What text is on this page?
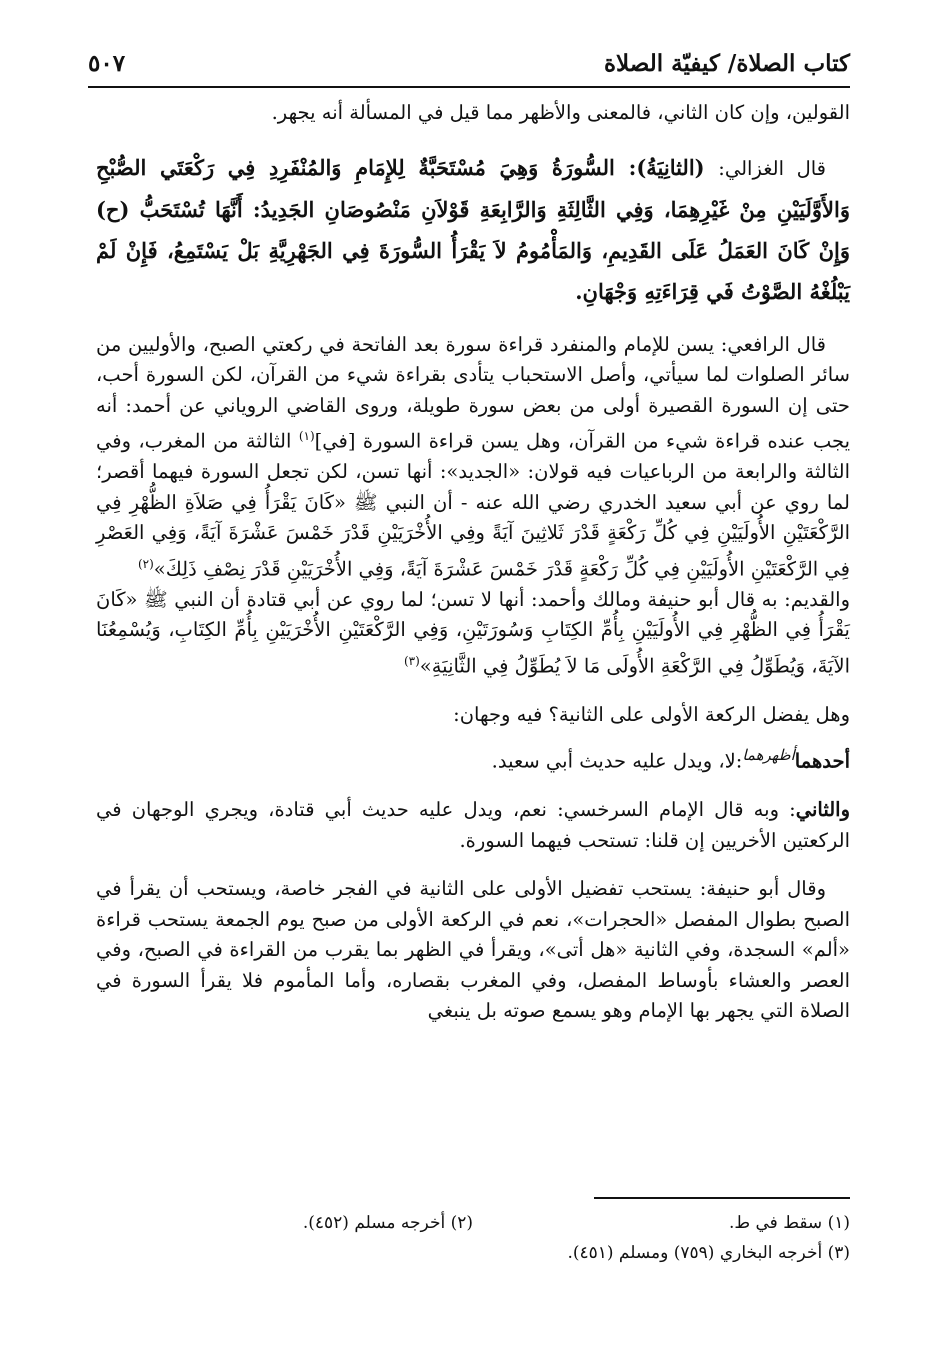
كتاب الصلاة/ كيفيّة الصلاة
٥٠٧

القولين، وإن كان الثاني، فالمعنى والأظهر مما قيل في المسألة أنه يجهر.

قال الغزالي: (الثانِيَةُ): السُّورَةُ وَهِيَ مُسْتَحَبَّةٌ لِلإِمَامِ وَالمُنْفَرِدِ فِي رَكْعَتَي الصُّبْحِ وَالأَوَّلَيَيْنِ مِنْ غَيْرِهِمَا، وَفِي الثَّالِثَةِ وَالرَّابِعَةِ قَوْلاَنِ مَنْصُوصَانِ الجَدِيدُ: أَنَّهَا تُسْتَحَبُّ (ح) وَإِنْ كَانَ العَمَلُ عَلَى القَدِيمِ، وَالمَأْمُومُ لاَ يَقْرَأُ السُّورَةَ فِي الجَهْرِيَّةِ بَلْ يَسْتَمِعُ، فَإِنْ لَمْ يَبْلُغْهُ الصَّوْتُ فَي قِرَاءَتِهِ وَجْهَانِ.

قال الرافعي: يسن للإمام والمنفرد قراءة سورة بعد الفاتحة في ركعتي الصبح، والأوليين من سائر الصلوات لما سيأتي، وأصل الاستحباب يتأدى بقراءة شيء من القرآن، لكن السورة أحب، حتى إن السورة القصيرة أولى من بعض سورة طويلة، وروى القاضي الروياني عن أحمد: أنه يجب عنده قراءة شيء من القرآن، وهل يسن قراءة السورة [في]$^{(١)}$ الثالثة من المغرب، وفي الثالثة والرابعة من الرباعيات فيه قولان: «الجديد»: أنها تسن، لكن تجعل السورة فيهما أقصر؛ لما روي عن أبي سعيد الخدري رضي الله عنه - أن النبي ﷺ «كَانَ يَقْرَأُ فِي صَلاَةِ الظُّهْرِ فِي الرَّكْعَتَيْنِ الأُولَيَيْنِ فِي كُلِّ رَكْعَةٍ قَدْرَ ثَلاثِينَ آيَةً وفِي الأُخْرَيَيْنِ قَدْرَ خَمْسَ عَشْرَةَ آيَةً، وَفِي العَصْرِ فِي الرَّكْعَتَيْنِ الأُولَيَيْنِ فِي كُلِّ رَكْعَةٍ قَدْرَ خَمْسَ عَشْرَةَ آيَةً، وَفِي الأُخْرَيَيْنِ قَدْرَ نِصْفِ ذَلِكَ»$^{(٢)}$

والقديم: به قال أبو حنيفة ومالك وأحمد: أنها لا تسن؛ لما روي عن أبي قتادة أن النبي ﷺ «كَانَ يَقْرَأُ فِي الظُّهْرِ فِي الأُولَيَيْنِ بِأُمِّ الكِتَابِ وَسُورَتَيْنِ، وَفِي الرَّكْعَتَيْنِ الأُخْرَيَيْنِ بِأُمِّ الكِتَابِ، وَيُسْمِعُنَا الآيَةَ، وَيُطَوِّلُ فِي الرَّكْعَةِ الأُولَى مَا لاَ يُطَوِّلُ فِي الثَّانِيَةِ»$^{(٣)}$

وهل يفضل الركعة الأولى على الثانية؟ فيه وجهان:

أحدهما$^{أظهرهما}$:لا، ويدل عليه حديث أبي سعيد.

والثاني: وبه قال الإمام السرخسي: نعم، ويدل عليه حديث أبي قتادة، ويجري الوجهان في الركعتين الأخريين إن قلنا: تستحب فيهما السورة.

وقال أبو حنيفة: يستحب تفضيل الأولى على الثانية في الفجر خاصة، ويستحب أن يقرأ في الصبح بطوال المفصل «الحجرات»، نعم في الركعة الأولى من صبح يوم الجمعة يستحب قراءة «ألم» السجدة، وفي الثانية «هل أتى»، ويقرأ في الظهر بما يقرب من القراءة في الصبح، وفي العصر والعشاء بأوساط المفصل، وفي المغرب بقصاره، وأما المأموم فلا يقرأ السورة في الصلاة التي يجهر بها الإمام وهو يسمع صوته بل ينبغي

(١) سقط في ط.
(٢) أخرجه مسلم (٤٥٢).
(٣) أخرجه البخاري (٧٥٩) ومسلم (٤٥١).
